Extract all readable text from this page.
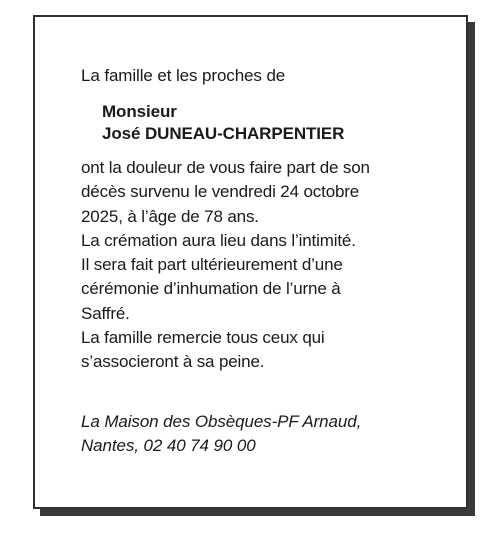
La famille et les proches de

Monsieur
José DUNEAU-CHARPENTIER

ont la douleur de vous faire part de son
décès survenu le vendredi 24 octobre
2025, à l’âge de 78 ans.
La crémation aura lieu dans l’intimité.
Il sera fait part ultérieurement d’une
cérémonie d’inhumation de l’urne à
Saffré.
La famille remercie tous ceux qui
s’associeront à sa peine.

La Maison des Obsèques-PF Arnaud,
Nantes, 02 40 74 90 00
